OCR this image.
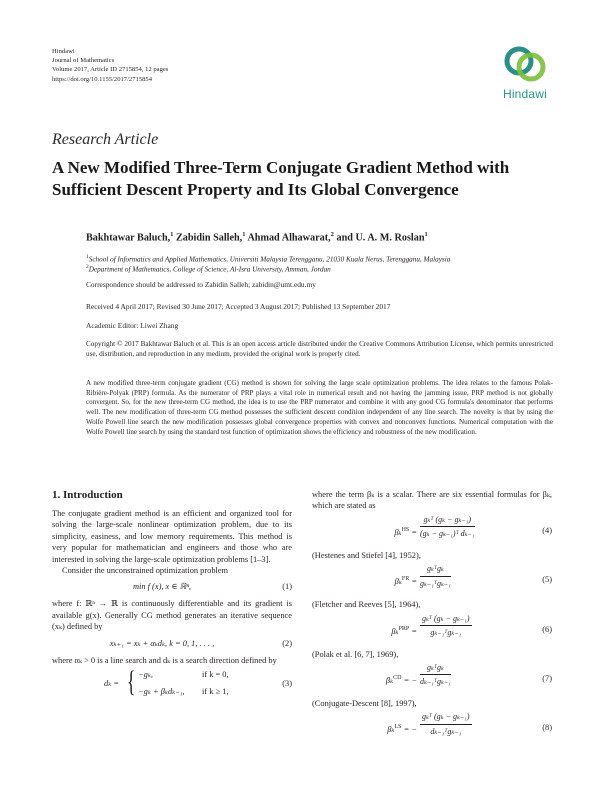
Hindawi
Journal of Mathematics
Volume 2017, Article ID 2715854, 12 pages
https://doi.org/10.1155/2017/2715854
Hindawi
Research Article
A New Modified Three-Term Conjugate Gradient Method with Sufficient Descent Property and Its Global Convergence
Bakhtawar Baluch,$^1$ Zabidin Salleh,$^1$ Ahmad Alhawarat,$^2$ and U. A. M. Roslan$^1$
$^1$School of Informatics and Applied Mathematics, Universiti Malaysia Terengganu, 21030 Kuala Nerus, Terengganu, Malaysia
$^2$Department of Mathematics, College of Science, Al-Isra University, Amman, Jordan
Correspondence should be addressed to Zabidin Salleh; zabidin@umt.edu.my
Received 4 April 2017; Revised 30 June 2017; Accepted 3 August 2017; Published 13 September 2017
Academic Editor: Liwei Zhang
Copyright © 2017 Bakhtawar Baluch et al. This is an open access article distributed under the Creative Commons Attribution License, which permits unrestricted use, distribution, and reproduction in any medium, provided the original work is properly cited.
A new modified three-term conjugate gradient (CG) method is shown for solving the large scale optimization problems. The idea relates to the famous Polak-Ribière-Polyak (PRP) formula. As the numerator of PRP plays a vital role in numerical result and not having the jamming issue, PRP method is not globally convergent. So, for the new three-term CG method, the idea is to use the PRP numerator and combine it with any good CG formula's denominator that performs well. The new modification of three-term CG method possesses the sufficient descent condition independent of any line search. The novelty is that by using the Wolfe Powell line search the new modification possesses global convergence properties with convex and nonconvex functions. Numerical computation with the Wolfe Powell line search by using the standard test function of optimization shows the efficiency and robustness of the new modification.
1. Introduction

The conjugate gradient method is an efficient and organized tool for solving the large-scale nonlinear optimization problem, due to its simplicity, easiness, and low memory requirements. This method is very popular for mathematician and engineers and those who are interested in solving the large-scale optimization problems [1–3].

Consider the unconstrained optimization problem

min f (x), x ∈ ℝⁿ,	(1)

where f: ℝⁿ → ℝ is continuously differentiable and its gradient is available g(x). Generally CG method generates an iterative sequence (xₖ) defined by

xₖ₊₁ = xₖ + αₖdₖ, k = 0, 1, . . . ,	(2)

where αₖ > 0 is a line search and dₖ is a search direction defined by

dₖ = { −gₖ,	if k = 0,
−gₖ + βₖdₖ₋₁, if k ≥ 1,
(3)

where the term βₖ is a scalar. There are six essential formulas for βₖ, which are stated as

βₖ$^{HS}$ =
gₖᵀ (gₖ − gₖ₋₁)
(gₖ − gₖ₋₁)ᵀ dₖ₋₁	(4)

(Hestenes and Stiefel [4], 1952),

βₖ$^{FR}$ =
gₖᵀgₖ
gₖ₋₁ᵀgₖ₋₁	(5)

(Fletcher and Reeves [5], 1964),

βₖ$^{PRP}$ =
gₖᵀ (gₖ − gₖ₋₁)
gₖ₋₁ᵀgₖ₋₁	(6)

(Polak et al. [6, 7], 1969),

βₖ$^{CD}$ = −
gₖᵀgₖ
dₖ₋₁ᵀgₖ₋₁	(7)

(Conjugate-Descent [8], 1997),

βₖ$^{LS}$ = −
gₖᵀ (gₖ − gₖ₋₁)
dₖ₋₁ᵀgₖ₋₁	(8)
